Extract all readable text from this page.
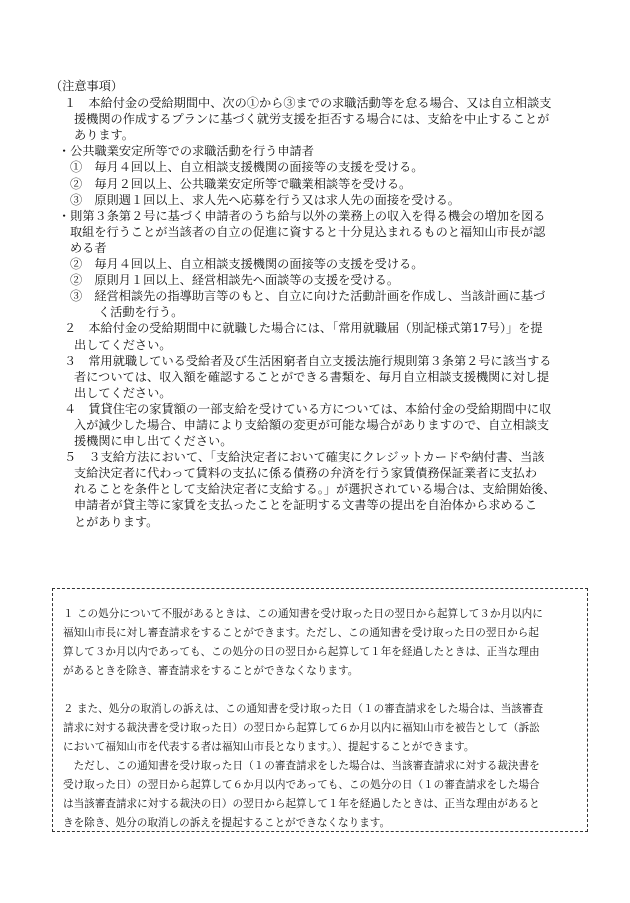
（注意事項）
１　本給付金の受給期間中、次の①から③までの求職活動等を怠る場合、又は自立相談支
援機関の作成するプランに基づく就労支援を拒否する場合には、支給を中止することが
あります。
・公共職業安定所等での求職活動を行う申請者
①　毎月４回以上、自立相談支援機関の面接等の支援を受ける。
②　毎月２回以上、公共職業安定所等で職業相談等を受ける。
③　原則週１回以上、求人先へ応募を行う又は求人先の面接を受ける。
・則第３条第２号に基づく申請者のうち給与以外の業務上の収入を得る機会の増加を図る
取組を行うことが当該者の自立の促進に資すると十分見込まれるものと福知山市長が認
める者
②　毎月４回以上、自立相談支援機関の面接等の支援を受ける。
②　原則月１回以上、経営相談先へ面談等の支援を受ける。
③　経営相談先の指導助言等のもと、自立に向けた活動計画を作成し、当該計画に基づ
く活動を行う。
２　本給付金の受給期間中に就職した場合には、「常用就職届（別記様式第17号）」を提
出してください。
３　常用就職している受給者及び生活困窮者自立支援法施行規則第３条第２号に該当する
者については、収入額を確認することができる書類を、毎月自立相談支援機関に対し提
出してください。
４　賃貸住宅の家賃額の一部支給を受けている方については、本給付金の受給期間中に収
入が減少した場合、申請により支給額の変更が可能な場合がありますので、自立相談支
援機関に申し出てください。
５　３支給方法において、「支給決定者において確実にクレジットカードや納付書、当該
支給決定者に代わって賃料の支払に係る債務の弁済を行う家賃債務保証業者に支払わ
れることを条件として支給決定者に支給する。」が選択されている場合は、支給開始後、
申請者が貸主等に家賃を支払ったことを証明する文書等の提出を自治体から求めるこ
とがあります。

１ この処分について不服があるときは、この通知書を受け取った日の翌日から起算して３か月以内に
福知山市長に対し審査請求をすることができます。ただし、この通知書を受け取った日の翌日から起
算して３か月以内であっても、この処分の日の翌日から起算して１年を経過したときは、正当な理由
があるときを除き、審査請求をすることができなくなります。

２ また、処分の取消しの訴えは、この通知書を受け取った日（１の審査請求をした場合は、当該審査
請求に対する裁決書を受け取った日）の翌日から起算して６か月以内に福知山市を被告として（訴訟
において福知山市を代表する者は福知山市長となります。）、提起することができます。
　ただし、この通知書を受け取った日（１の審査請求をした場合は、当該審査請求に対する裁決書を
受け取った日）の翌日から起算して６か月以内であっても、この処分の日（１の審査請求をした場合
は当該審査請求に対する裁決の日）の翌日から起算して１年を経過したときは、正当な理由があると
きを除き、処分の取消しの訴えを提起することができなくなります。
